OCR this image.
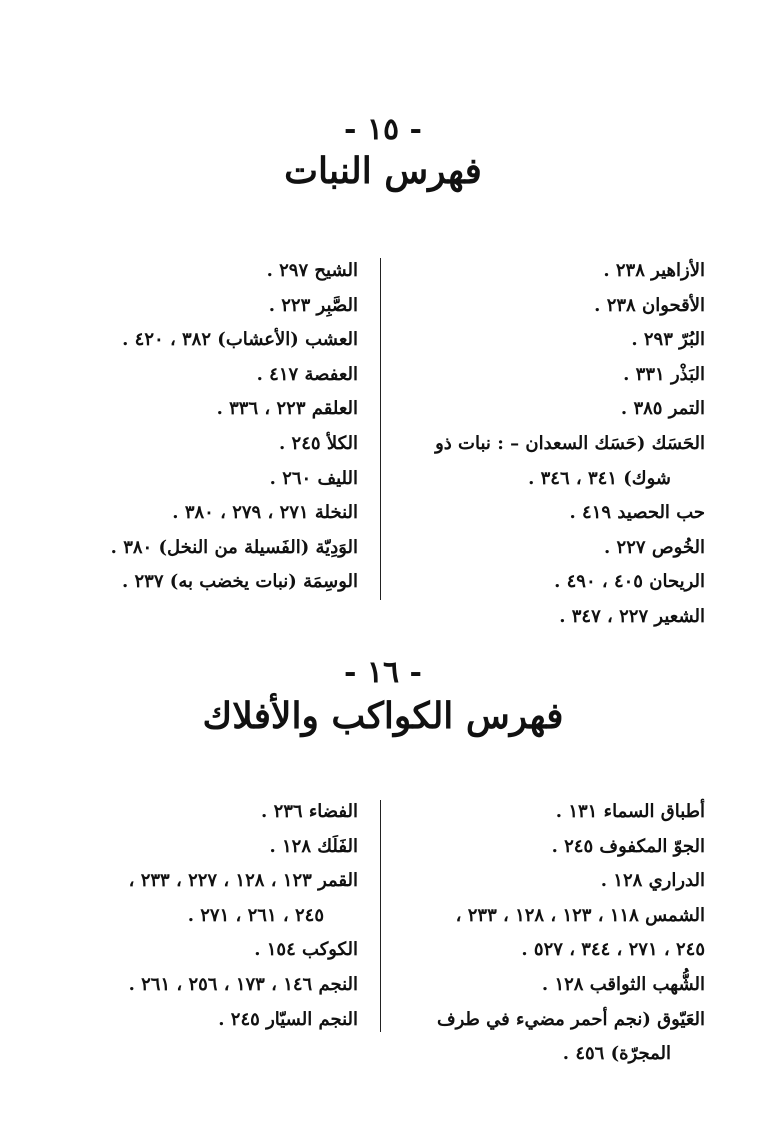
- ١٥ -
فهرس النبات
الأزاهير ٢٣٨ .
الأقحوان ٢٣٨ .
البُرّ ٢٩٣ .
البَذْر ٣٣١ .
التمر ٣٨٥ .
الحَسَك (حَسَك السعدان – : نبات ذو
شوك) ٣٤١ ، ٣٤٦ .
حب الحصيد ٤١٩ .
الخُوص ٢٢٧ .
الريحان ٤٠٥ ، ٤٩٠ .
الشعير ٢٢٧ ، ٣٤٧ .
الشيح ٢٩٧ .
الصَّبِر ٢٢٣ .
العشب (الأعشاب) ٣٨٢ ، ٤٢٠ .
العفصة ٤١٧ .
العلقم ٢٢٣ ، ٣٣٦ .
الكلأ ٢٤٥ .
الليف ٢٦٠ .
النخلة ٢٧١ ، ٢٧٩ ، ٣٨٠ .
الوَدِيّة (الفَسيلة من النخل) ٣٨٠ .
الوسِمَة (نبات يخضب به) ٢٣٧ .
- ١٦ -
فهرس الكواكب والأفلاك
أطباق السماء ١٣١ .
الجوّ المكفوف ٢٤٥ .
الدراري ١٢٨ .
الشمس ١١٨ ، ١٢٣ ، ١٢٨ ، ٢٣٣ ،
٢٤٥ ، ٢٧١ ، ٣٤٤ ، ٥٢٧ .
الشُّهب الثواقب ١٢٨ .
العَيّوق (نجم أحمر مضيء في طرف
المجرّة) ٤٥٦ .
الفضاء ٢٣٦ .
الفَلَك ١٢٨ .
القمر ١٢٣ ، ١٢٨ ، ٢٢٧ ، ٢٣٣ ،
٢٤٥ ، ٢٦١ ، ٢٧١ .
الكوكب ١٥٤ .
النجم ١٤٦ ، ١٧٣ ، ٢٥٦ ، ٢٦١ .
النجم السيّار ٢٤٥ .
